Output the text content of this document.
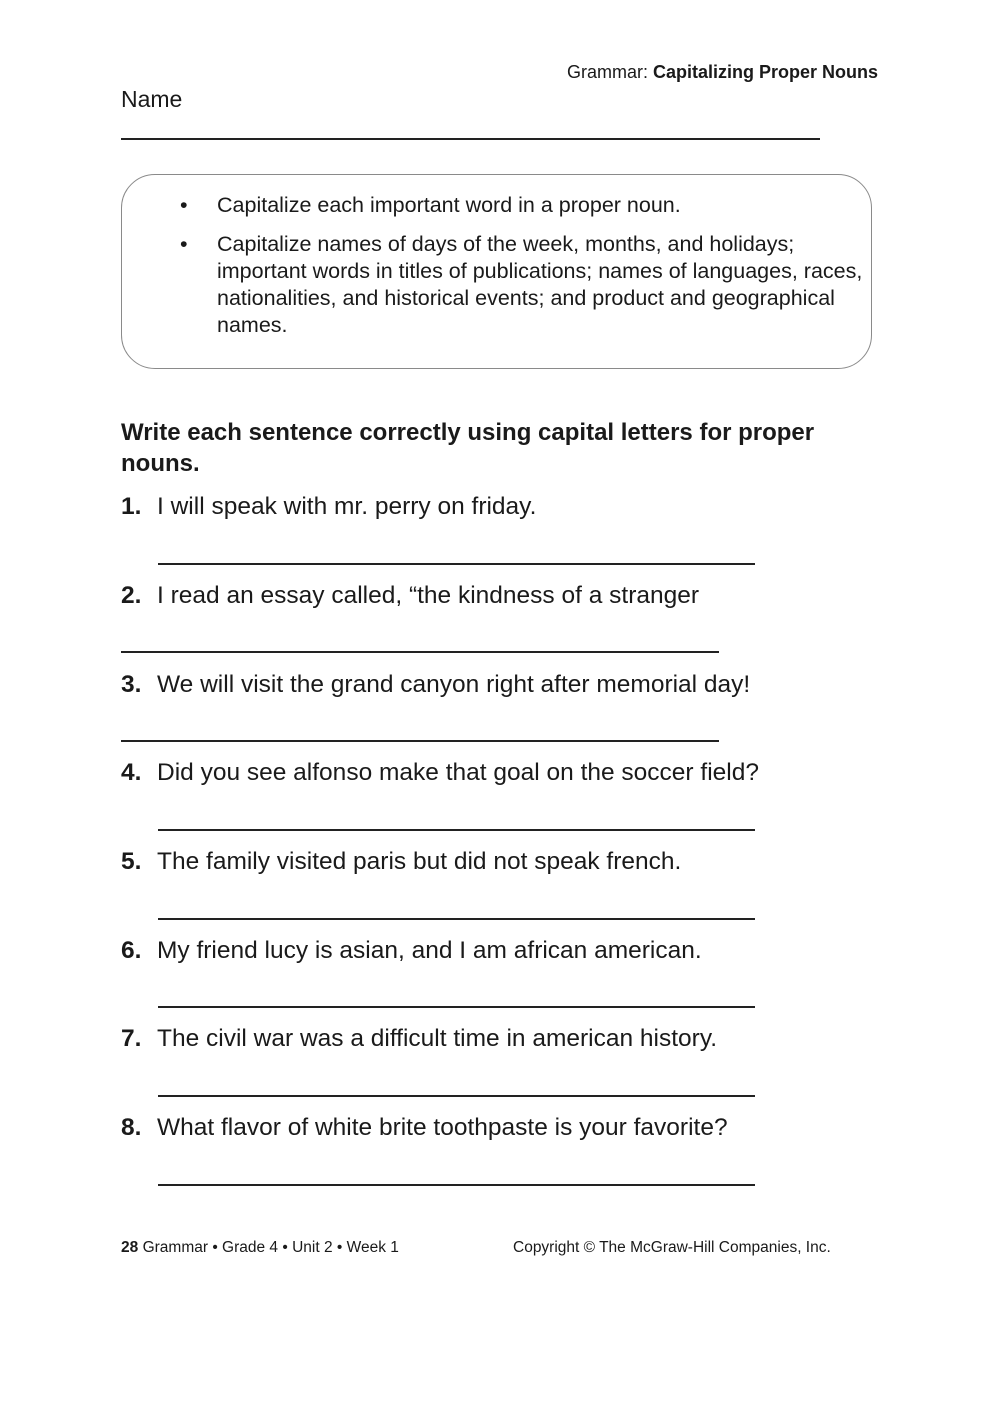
Grammar: Capitalizing Proper Nouns
Name
• Capitalize each important word in a proper noun.
• Capitalize names of days of the week, months, and holidays; important words in titles of publications; names of languages, races, nationalities, and historical events; and product and geographical names.
Write each sentence correctly using capital letters for proper nouns.
1. I will speak with mr. perry on friday.
2. I read an essay called, “the kindness of a stranger
3. We will visit the grand canyon right after memorial day!
4. Did you see alfonso make that goal on the soccer field?
5. The family visited paris but did not speak french.
6. My friend lucy is asian, and I am african american.
7. The civil war was a difficult time in american history.
8. What flavor of white brite toothpaste is your favorite?
28 Grammar • Grade 4 • Unit 2 • Week 1	Copyright © The McGraw-Hill Companies, Inc.
